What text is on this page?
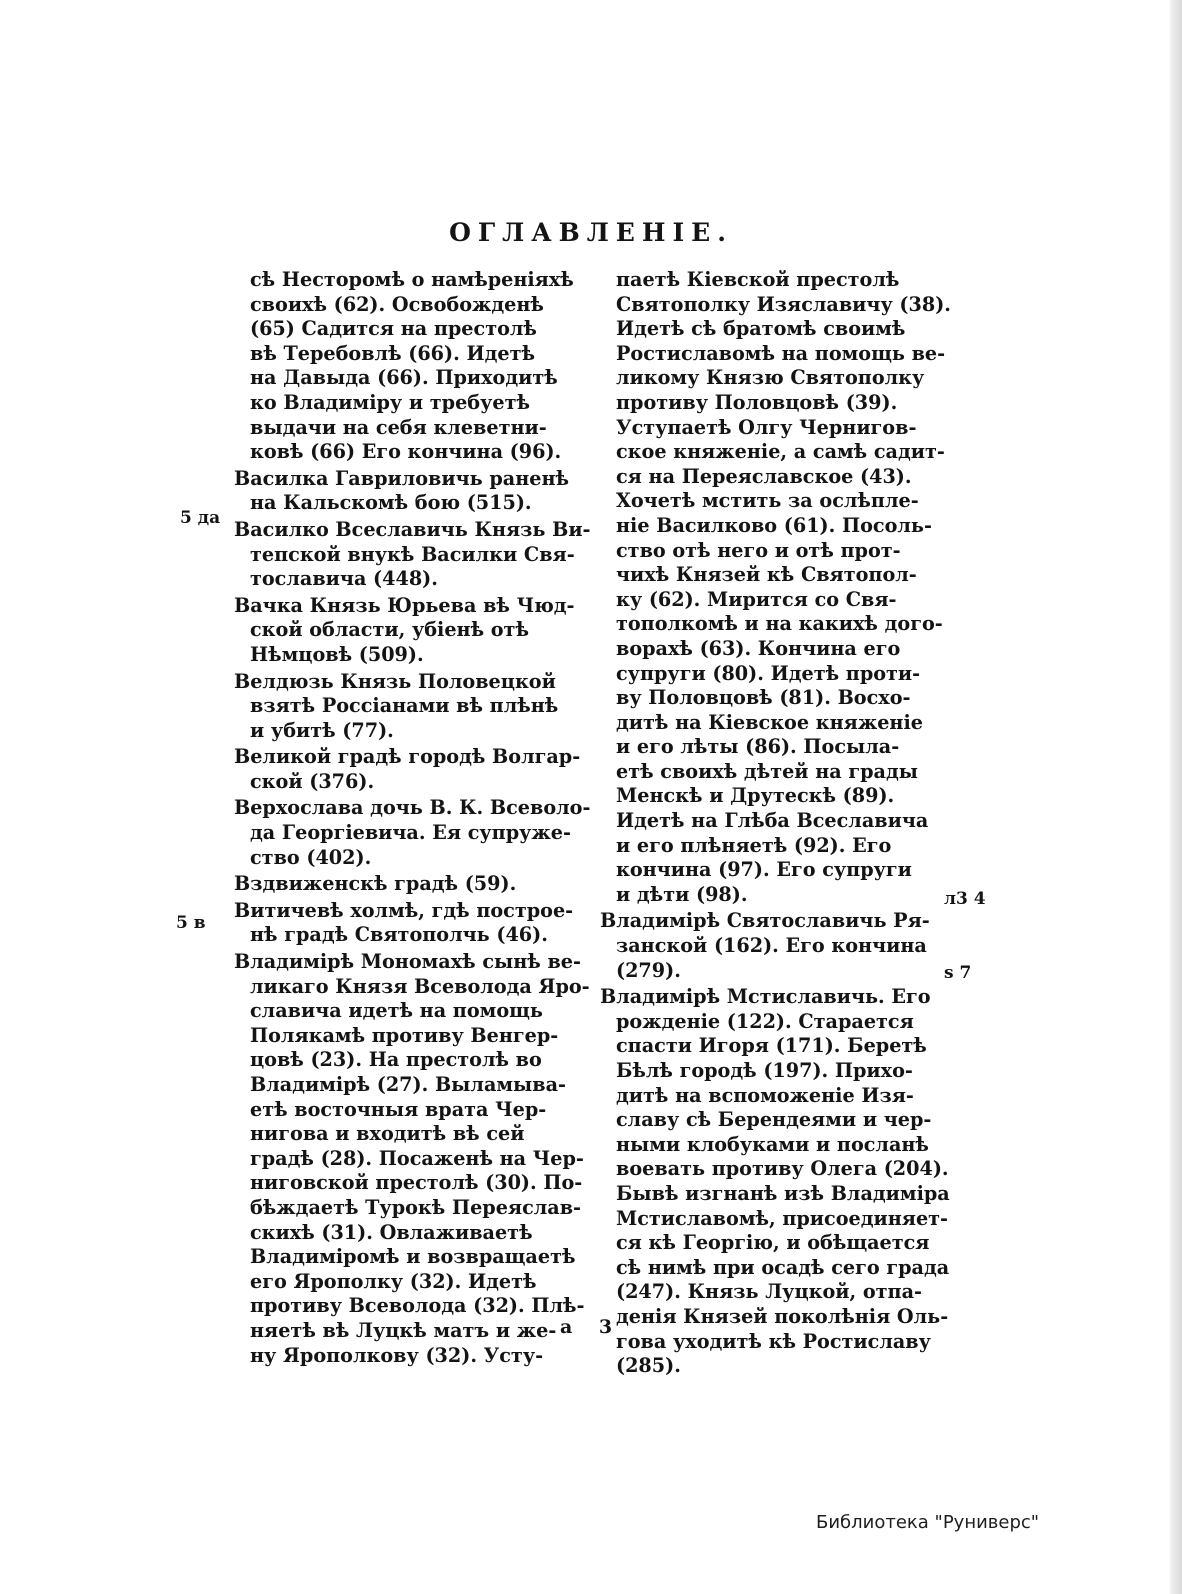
ОГЛАВЛЕНІЕ.
сѣ Несторомѣ о намѣреніяхѣ
своихѣ (62). Освобожденѣ
(65) Садится на престолѣ
вѣ Теребовлѣ (66). Идетѣ
на Давыда (66). Приходитѣ
ко Владиміру и требуетѣ
выдачи на себя клеветни-
ковѣ (66) Его кончина (96).
Василка Гавриловичь раненѣ
на Кальскомѣ бою (515).
Василко Всеславичь Князь Ви-
тепской внукѣ Василки Свя-
тославича (448).
Вачка Князь Юрьева вѣ Чюд-
ской области, убіенѣ отѣ
Нѣмцовѣ (509).
Велдюзь Князь Половецкой
взятѣ Россіанами вѣ плѣнѣ
и убитѣ (77).
Великой градѣ городѣ Волгар-
ской (376).
Верхослава дочь В. К. Всеволо-
да Георгіевича. Ея супруже-
ство (402).
Вздвиженскѣ градѣ (59).
Витичевѣ холмѣ, гдѣ построе-
нѣ градѣ Святополчь (46).
Владимірѣ Мономахѣ сынѣ ве-
ликаго Князя Всеволода Яро-
славича идетѣ на помощь
Полякамѣ противу Венгер-
цовѣ (23). На престолѣ во
Владимірѣ (27). Выламыва-
етѣ восточныя врата Чер-
нигова и входитѣ вѣ сей
градѣ (28). Посаженѣ на Чер-
ниговской престолѣ (30). По-
бѣждаетѣ Турокѣ Переяслав-
скихѣ (31). Овлаживаетѣ
Владиміромѣ и возвращаетѣ
его Ярополку (32). Идетѣ
противу Всеволода (32). Плѣ-
няетѣ вѣ Луцкѣ матъ и же-
ну Ярополкову (32). Усту-
паетѣ Кіевской престолѣ
Святополку Изяславичу (38).
Идетѣ сѣ братомѣ своимѣ
Ростиславомѣ на помощь ве-
ликому Князю Святополку
противу Половцовѣ (39).
Уступаетѣ Олгу Чернигов-
ское княженіе, а самѣ садит-
ся на Переяславское (43).
Хочетѣ мстить за ослѣпле-
ніе Василково (61). Посоль-
ство отѣ него и отѣ прот-
чихѣ Князей кѣ Святопол-
ку (62). Мирится со Свя-
тополкомѣ и на какихѣ дого-
ворахѣ (63). Кончина его
супруги (80). Идетѣ проти-
ву Половцовѣ (81). Восхо-
дитѣ на Кіевское княженіе
и его лѣты (86). Посыла-
етѣ своихѣ дѣтей на грады
Менскѣ и Друтескѣ (89).
Идетѣ на Глѣба Всеславича
и его плѣняетѣ (92). Его
кончина (97). Его супруги
и дѣти (98).
Владимірѣ Святославичь Ря-
занской (162). Его кончина
(279).
Владимірѣ Мстиславичь. Его
рожденіе (122). Старается
спасти Игоря (171). Беретѣ
Бѣлѣ городѣ (197). Прихо-
дитѣ на вспоможеніе Изя-
славу сѣ Берендеями и чер-
ными клобуками и посланѣ
воевать противу Олега (204).
Бывѣ изгнанѣ изѣ Владиміра
Мстиславомѣ, присоединяет-
ся кѣ Георгію, и обѣщается
сѣ нимѣ при осадѣ сего града
(247). Князь Луцкой, отпа-
денія Князей поколѣнія Оль-
гова уходитѣ кѣ Ростиславу
(285).
5 да
5 в
л3 4
s 7
а 3
Библиотека "Руниверс"
